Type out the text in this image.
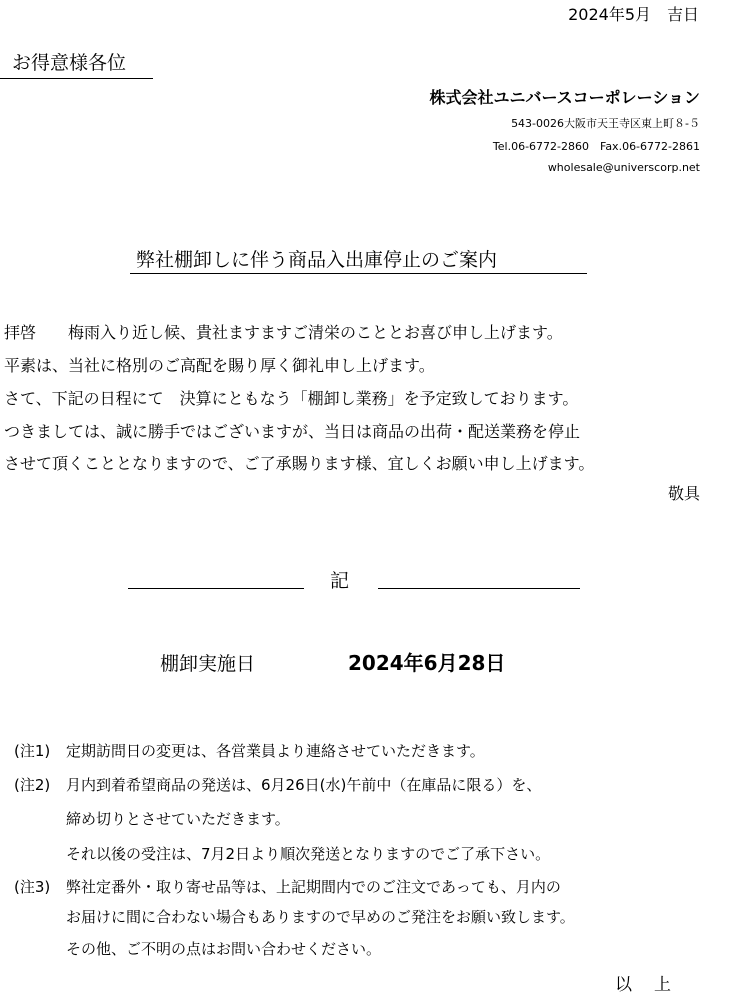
2024年5月　吉日
お得意様各位
株式会社ユニバースコーポレーション
543-0026大阪市天王寺区東上町８-５
Tel.06-6772-2860　Fax.06-6772-2861
wholesale@universcorp.net
弊社棚卸しに伴う商品入出庫停止のご案内
拝啓　　梅雨入り近し候、貴社ますますご清栄のこととお喜び申し上げます。
平素は、当社に格別のご高配を賜り厚く御礼申し上げます。
さて、下記の日程にて　決算にともなう「棚卸し業務」を予定致しております。
つきましては、誠に勝手ではございますが、当日は商品の出荷・配送業務を停止
させて頂くこととなりますので、ご了承賜ります様、宜しくお願い申し上げます。
敬具
記
棚卸実施日	2024年6月28日
(注1) 定期訪問日の変更は、各営業員より連絡させていただきます。
(注2) 月内到着希望商品の発送は、6月26日(水)午前中（在庫品に限る）を、
締め切りとさせていただきます。
それ以後の受注は、7月2日より順次発送となりますのでご了承下さい。
(注3) 弊社定番外・取り寄せ品等は、上記期間内でのご注文であっても、月内の
お届けに間に合わない場合もありますので早めのご発注をお願い致します。
その他、ご不明の点はお問い合わせください。
以上
